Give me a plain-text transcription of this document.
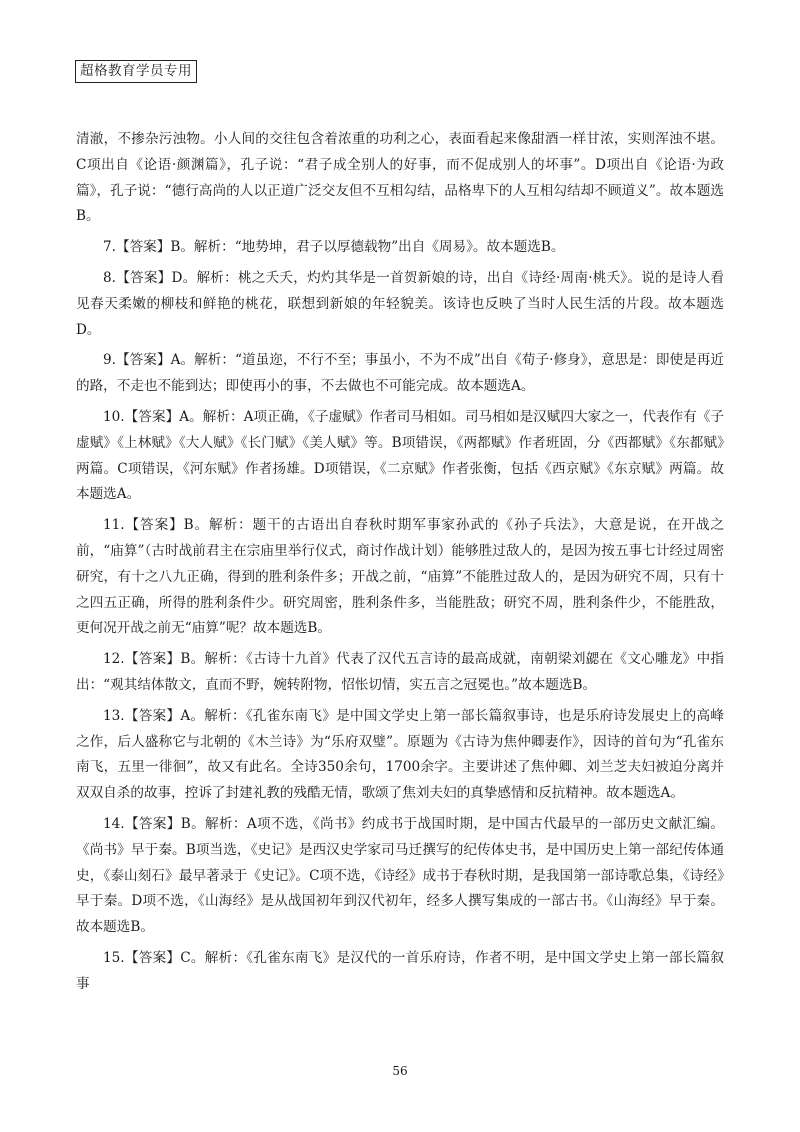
超格教育学员专用

清澈，不掺杂污浊物。小人间的交往包含着浓重的功利之心，表面看起来像甜酒一样甘浓，实则浑浊不堪。C项出自《论语·颜渊篇》，孔子说：“君子成全别人的好事，而不促成别人的坏事”。D项出自《论语·为政篇》，孔子说：“德行高尚的人以正道广泛交友但不互相勾结，品格卑下的人互相勾结却不顾道义”。故本题选B。

7.【答案】B。解析：“地势坤，君子以厚德载物”出自《周易》。故本题选B。

8.【答案】D。解析：桃之夭夭，灼灼其华是一首贺新娘的诗，出自《诗经·周南·桃夭》。说的是诗人看见春天柔嫩的柳枝和鲜艳的桃花，联想到新娘的年轻貌美。该诗也反映了当时人民生活的片段。故本题选D。

9.【答案】A。解析：“道虽迩，不行不至；事虽小，不为不成”出自《荀子·修身》，意思是：即使是再近的路，不走也不能到达；即使再小的事，不去做也不可能完成。故本题选A。

10.【答案】A。解析：A项正确，《子虚赋》作者司马相如。司马相如是汉赋四大家之一，代表作有《子虚赋》《上林赋》《大人赋》《长门赋》《美人赋》等。B项错误，《两都赋》作者班固，分《西都赋》《东都赋》两篇。C项错误，《河东赋》作者扬雄。D项错误，《二京赋》作者张衡，包括《西京赋》《东京赋》两篇。故本题选A。

11.【答案】B。解析：题干的古语出自春秋时期军事家孙武的《孙子兵法》，大意是说，在开战之前，“庙算”（古时战前君主在宗庙里举行仪式，商讨作战计划）能够胜过敌人的，是因为按五事七计经过周密研究，有十之八九正确，得到的胜利条件多；开战之前，“庙算”不能胜过敌人的，是因为研究不周，只有十之四五正确，所得的胜利条件少。研究周密，胜利条件多，当能胜敌；研究不周，胜利条件少，不能胜敌，更何况开战之前无“庙算”呢？故本题选B。

12.【答案】B。解析：《古诗十九首》代表了汉代五言诗的最高成就，南朝梁刘勰在《文心雕龙》中指出：“观其结体散文，直而不野，婉转附物，怊怅切情，实五言之冠冕也。”故本题选B。

13.【答案】A。解析：《孔雀东南飞》是中国文学史上第一部长篇叙事诗，也是乐府诗发展史上的高峰之作，后人盛称它与北朝的《木兰诗》为“乐府双璧”。原题为《古诗为焦仲卿妻作》，因诗的首句为“孔雀东南飞，五里一徘徊”，故又有此名。全诗350余句，1700余字。主要讲述了焦仲卿、刘兰芝夫妇被迫分离并双双自杀的故事，控诉了封建礼教的残酷无情，歌颂了焦刘夫妇的真挚感情和反抗精神。故本题选A。

14.【答案】B。解析：A项不选，《尚书》约成书于战国时期，是中国古代最早的一部历史文献汇编。《尚书》早于秦。B项当选，《史记》是西汉史学家司马迁撰写的纪传体史书，是中国历史上第一部纪传体通史，《泰山刻石》最早著录于《史记》。C项不选，《诗经》成书于春秋时期，是我国第一部诗歌总集，《诗经》早于秦。D项不选，《山海经》是从战国初年到汉代初年，经多人撰写集成的一部古书。《山海经》早于秦。故本题选B。

15.【答案】C。解析：《孔雀东南飞》是汉代的一首乐府诗，作者不明，是中国文学史上第一部长篇叙事

56
